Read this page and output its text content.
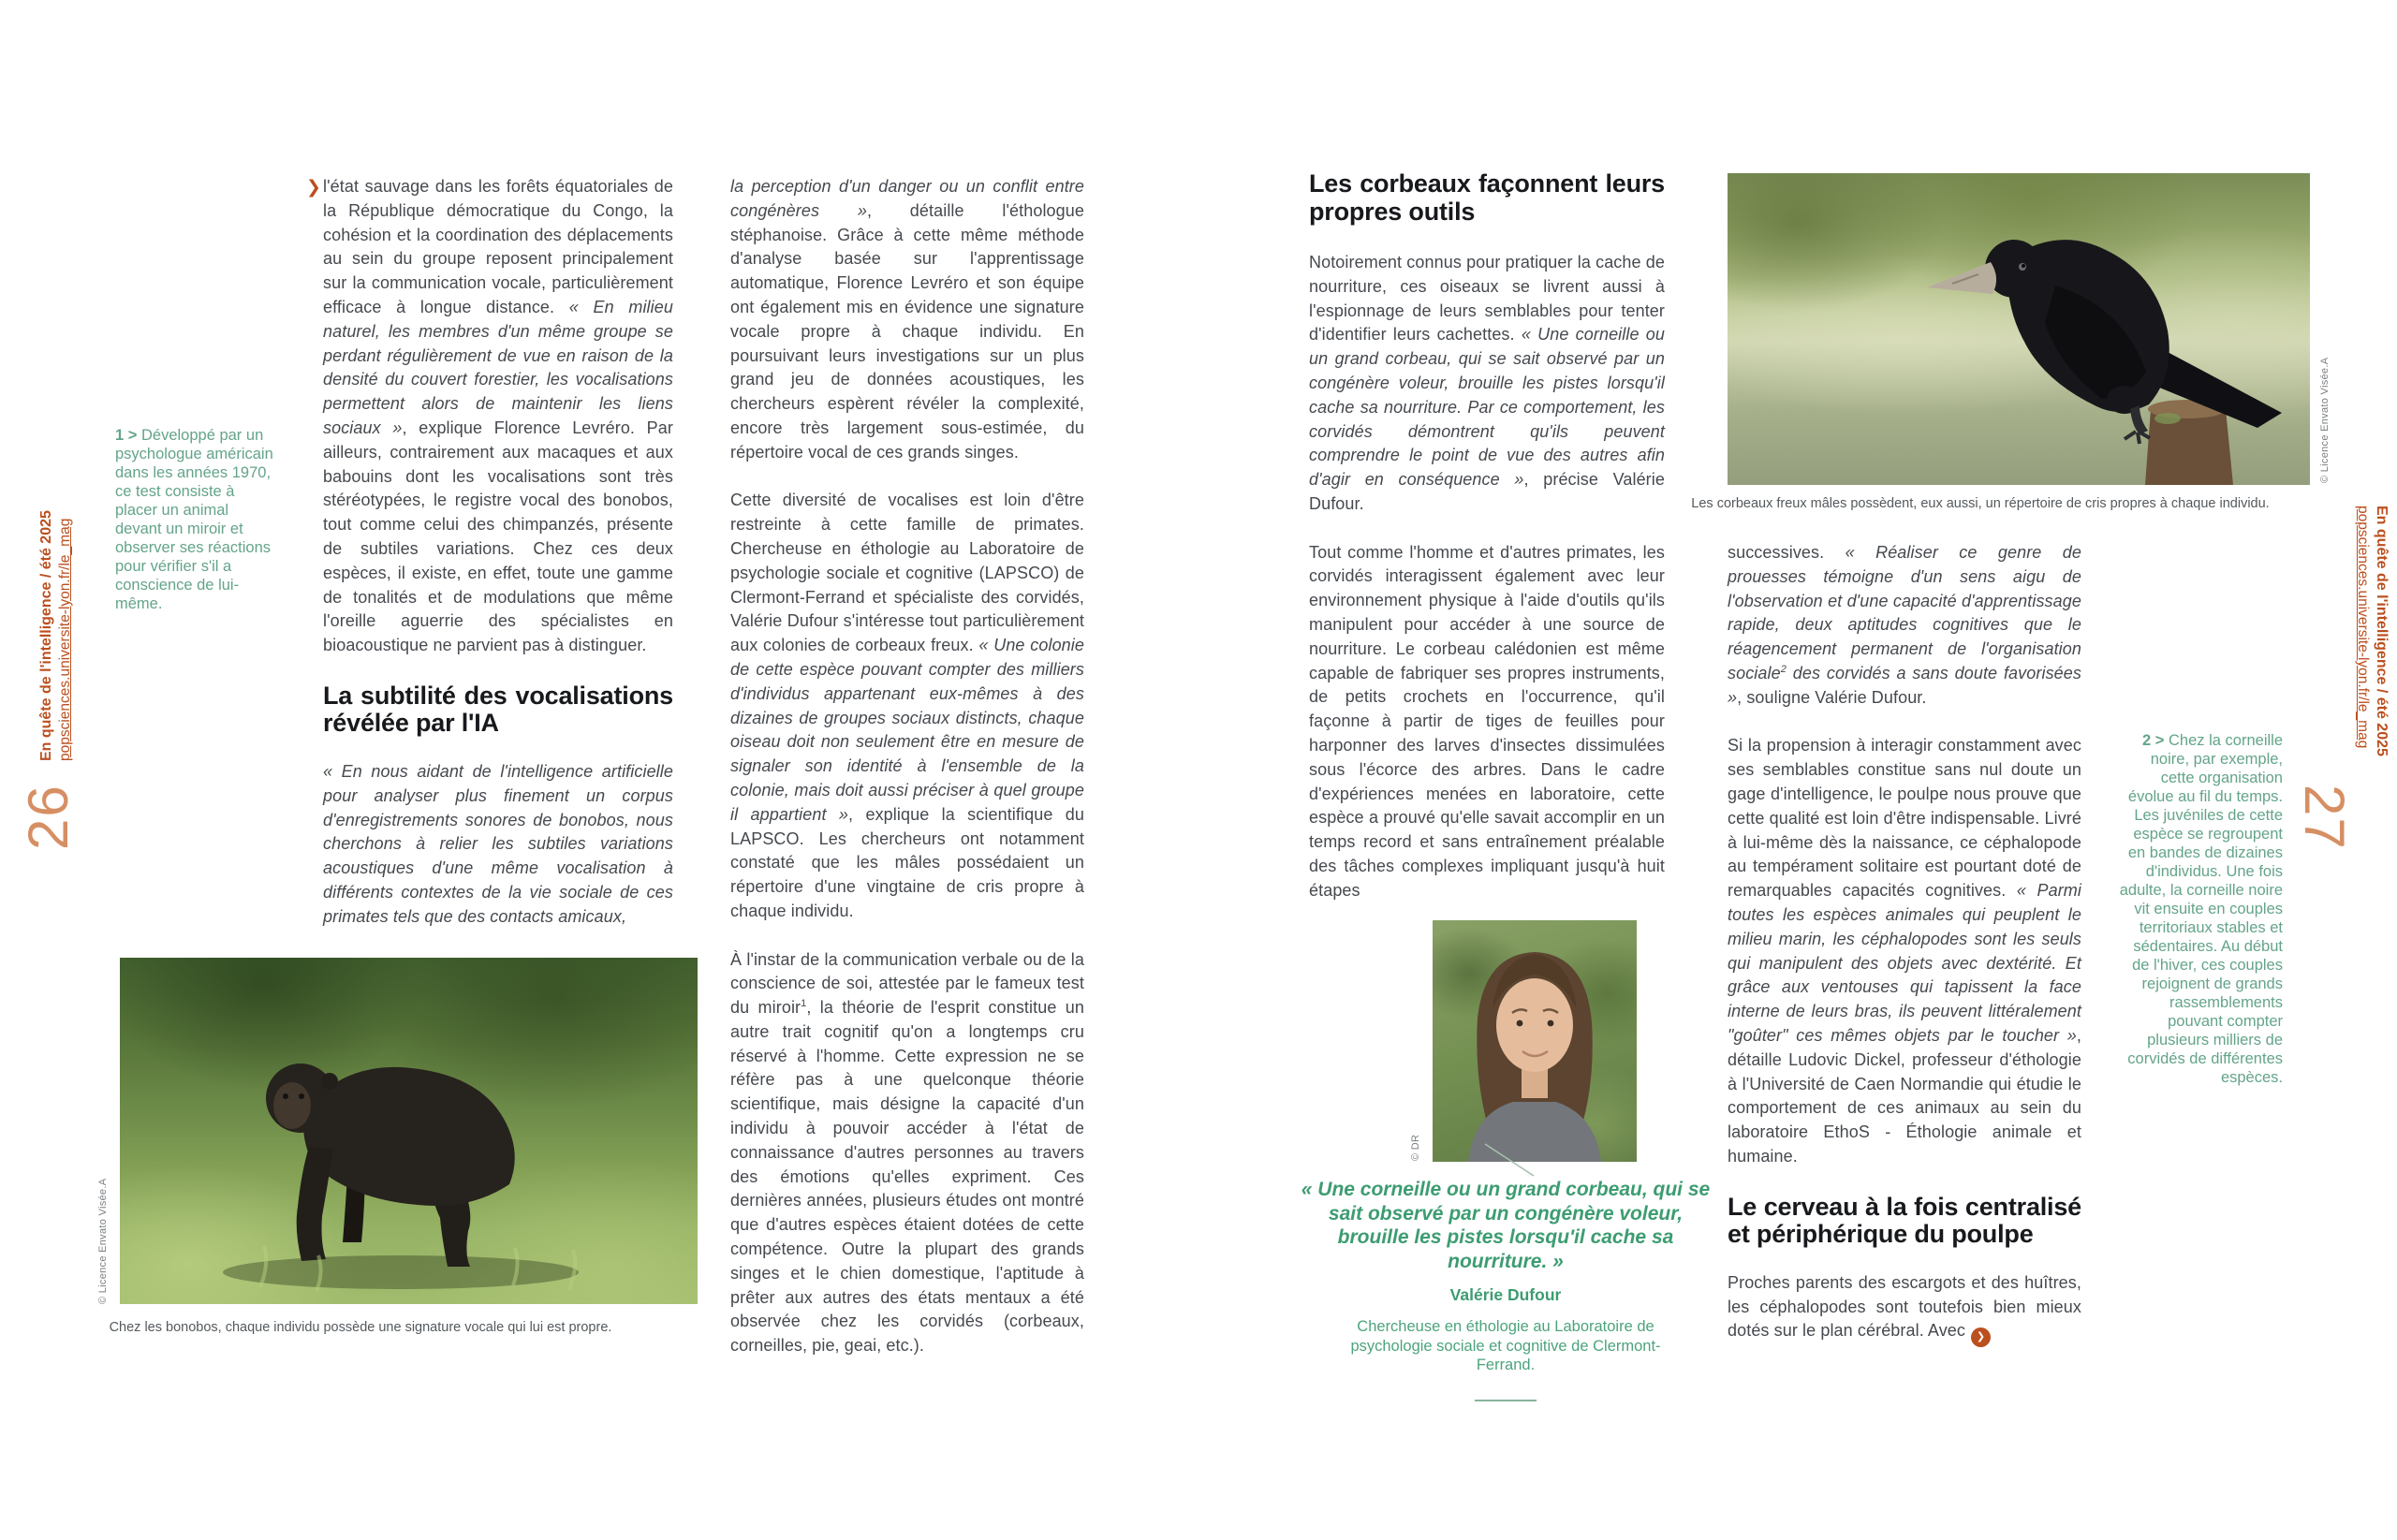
En quête de l'intelligence / été 2025 popsciences.universite-lyon.fr/le_mag
26
1 > Développé par un psychologue américain dans les années 1970, ce test consiste à placer un animal devant un miroir et observer ses réactions pour vérifier s'il a conscience de lui-même.
❯ l'état sauvage dans les forêts équatoriales de la République démocratique du Congo, la cohésion et la coordination des déplacements au sein du groupe reposent principalement sur la communication vocale, particulièrement efficace à longue distance. « En milieu naturel, les membres d'un même groupe se perdant régulièrement de vue en raison de la densité du couvert forestier, les vocalisations permettent alors de maintenir les liens sociaux », explique Florence Levréro. Par ailleurs, contrairement aux macaques et aux babouins dont les vocalisations sont très stéréotypées, le registre vocal des bonobos, tout comme celui des chimpanzés, présente de subtiles variations. Chez ces deux espèces, il existe, en effet, toute une gamme de tonalités et de modulations que même l'oreille aguerrie des spécialistes en bioacoustique ne parvient pas à distinguer.

La subtilité des vocalisations révélée par l'IA

« En nous aidant de l'intelligence artificielle pour analyser plus finement un corpus d'enregistrements sonores de bonobos, nous cherchons à relier les subtiles variations acoustiques d'une même vocalisation à différents contextes de la vie sociale de ces primates tels que des contacts amicaux,

la perception d'un danger ou un conflit entre congénères », détaille l'éthologue stéphanoise. Grâce à cette même méthode d'analyse basée sur l'apprentissage automatique, Florence Levréro et son équipe ont également mis en évidence une signature vocale propre à chaque individu. En poursuivant leurs investigations sur un plus grand jeu de données acoustiques, les chercheurs espèrent révéler la complexité, encore très largement sous-estimée, du répertoire vocal de ces grands singes.

Cette diversité de vocalises est loin d'être restreinte à cette famille de primates. Chercheuse en éthologie au Laboratoire de psychologie sociale et cognitive (LAPSCO) de Clermont-Ferrand et spécialiste des corvidés, Valérie Dufour s'intéresse tout particulièrement aux colonies de corbeaux freux. « Une colonie de cette espèce pouvant compter des milliers d'individus appartenant eux-mêmes à des dizaines de groupes sociaux distincts, chaque oiseau doit non seulement être en mesure de signaler son identité à l'ensemble de la colonie, mais doit aussi préciser à quel groupe il appartient », explique la scientifique du LAPSCO. Les chercheurs ont notamment constaté que les mâles possédaient un répertoire d'une vingtaine de cris propre à chaque individu.

À l'instar de la communication verbale ou de la conscience de soi, attestée par le fameux test du miroir$^1$, la théorie de l'esprit constitue un autre trait cognitif qu'on a longtemps cru réservé à l'homme. Cette expression ne se réfère pas à une quelconque théorie scientifique, mais désigne la capacité d'un individu à pouvoir accéder à l'état de connaissance d'autres personnes au travers des émotions qu'elles expriment. Ces dernières années, plusieurs études ont montré que d'autres espèces étaient dotées de cette compétence. Outre la plupart des grands singes et le chien domestique, l'aptitude à prêter aux autres des états mentaux a été observée chez les corvidés (corbeaux, corneilles, pie, geai, etc.).

© Licence Envato Visée.A
Chez les bonobos, chaque individu possède une signature vocale qui lui est propre.
Les corbeaux façonnent leurs propres outils

Notoirement connus pour pratiquer la cache de nourriture, ces oiseaux se livrent aussi à l'espionnage de leurs semblables pour tenter d'identifier leurs cachettes. « Une corneille ou un grand corbeau, qui se sait observé par un congénère voleur, brouille les pistes lorsqu'il cache sa nourriture. Par ce comportement, les corvidés démontrent qu'ils peuvent comprendre le point de vue des autres afin d'agir en conséquence », précise Valérie Dufour.

Tout comme l'homme et d'autres primates, les corvidés interagissent également avec leur environnement physique à l'aide d'outils qu'ils manipulent pour accéder à une source de nourriture. Le corbeau calédonien est même capable de fabriquer ses propres instruments, de petits crochets en l'occurrence, qu'il façonne à partir de tiges de feuilles pour harponner des larves d'insectes dissimulées sous l'écorce des arbres. Dans le cadre d'expériences menées en laboratoire, cette espèce a prouvé qu'elle savait accomplir en un temps record et sans entraînement préalable des tâches complexes impliquant jusqu'à huit étapes

© DR
« Une corneille ou un grand corbeau, qui se sait observé par un congénère voleur, brouille les pistes lorsqu'il cache sa nourriture. »
Valérie Dufour
Chercheuse en éthologie au Laboratoire de psychologie sociale et cognitive de Clermont-Ferrand.
© Licence Envato Visée.A
Les corbeaux freux mâles possèdent, eux aussi, un répertoire de cris propres à chaque individu.

successives. « Réaliser ce genre de prouesses témoigne d'un sens aigu de l'observation et d'une capacité d'apprentissage rapide, deux aptitudes cognitives que le réagencement permanent de l'organisation sociale$^2$ des corvidés a sans doute favorisées », souligne Valérie Dufour.

Si la propension à interagir constamment avec ses semblables constitue sans nul doute un gage d'intelligence, le poulpe nous prouve que cette qualité est loin d'être indispensable. Livré à lui-même dès la naissance, ce céphalopode au tempérament solitaire est pourtant doté de remarquables capacités cognitives. « Parmi toutes les espèces animales qui peuplent le milieu marin, les céphalopodes sont les seuls qui manipulent des objets avec dextérité. Et grâce aux ventouses qui tapissent la face interne de leurs bras, ils peuvent littéralement "goûter" ces mêmes objets par le toucher », détaille Ludovic Dickel, professeur d'éthologie à l'Université de Caen Normandie qui étudie le comportement de ces animaux au sein du laboratoire EthoS - Éthologie animale et humaine.

Le cerveau à la fois centralisé et périphérique du poulpe

Proches parents des escargots et des huîtres, les céphalopodes sont toutefois bien mieux dotés sur le plan cérébral. Avec ❯

2 > Chez la corneille noire, par exemple, cette organisation évolue au fil du temps. Les juvéniles de cette espèce se regroupent en bandes de dizaines d'individus. Une fois adulte, la corneille noire vit ensuite en couples territoriaux stables et sédentaires. Au début de l'hiver, ces couples rejoignent de grands rassemblements pouvant compter plusieurs milliers de corvidés de différentes espèces.
En quête de l'intelligence / été 2025
popsciences.universite-lyon.fr/le_mag
27
